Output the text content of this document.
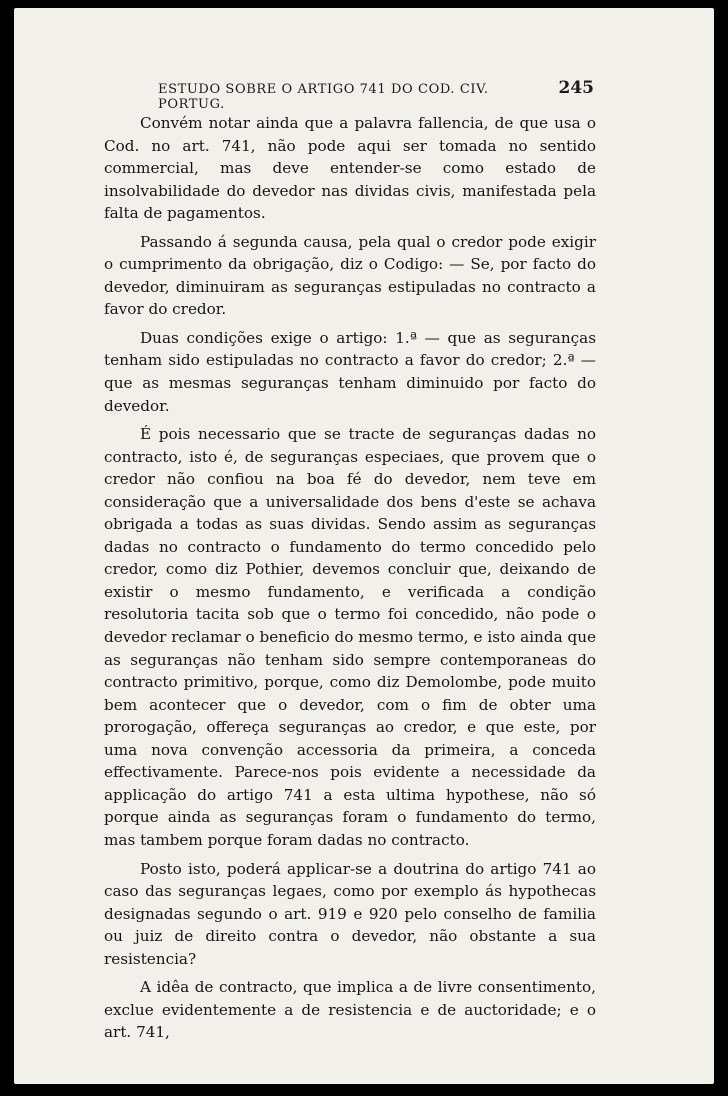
ESTUDO SOBRE O ARTIGO 741 DO COD. CIV. PORTUG.
245

Convém notar ainda que a palavra fallencia, de que usa o Cod. no art. 741, não pode aqui ser tomada no sentido commercial, mas deve entender-se como estado de insolvabilidade do devedor nas dividas civis, manifestada pela falta de pagamentos.

Passando á segunda causa, pela qual o credor pode exigir o cumprimento da obrigação, diz o Codigo: — Se, por facto do devedor, diminuiram as seguranças estipuladas no contracto a favor do credor.

Duas condições exige o artigo: 1.ª — que as seguranças tenham sido estipuladas no contracto a favor do credor; 2.ª — que as mesmas seguranças tenham diminuido por facto do devedor.

É pois necessario que se tracte de seguranças dadas no contracto, isto é, de seguranças especiaes, que provem que o credor não confiou na boa fé do devedor, nem teve em consideração que a universalidade dos bens d'este se achava obrigada a todas as suas dividas. Sendo assim as seguranças dadas no contracto o fundamento do termo concedido pelo credor, como diz Pothier, devemos concluir que, deixando de existir o mesmo fundamento, e verificada a condição resolutoria tacita sob que o termo foi concedido, não pode o devedor reclamar o beneficio do mesmo termo, e isto ainda que as seguranças não tenham sido sempre contemporaneas do contracto primitivo, porque, como diz Demolombe, pode muito bem acontecer que o devedor, com o fim de obter uma prorogação, offereça seguranças ao credor, e que este, por uma nova convenção accessoria da primeira, a conceda effectivamente. Parece-nos pois evidente a necessidade da applicação do artigo 741 a esta ultima hypothese, não só porque ainda as seguranças foram o fundamento do termo, mas tambem porque foram dadas no contracto.

Posto isto, poderá applicar-se a doutrina do artigo 741 ao caso das seguranças legaes, como por exemplo ás hypothecas designadas segundo o art. 919 e 920 pelo conselho de familia ou juiz de direito contra o devedor, não obstante a sua resistencia?

A idêa de contracto, que implica a de livre consentimento, exclue evidentemente a de resistencia e de auctoridade; e o art. 741,
